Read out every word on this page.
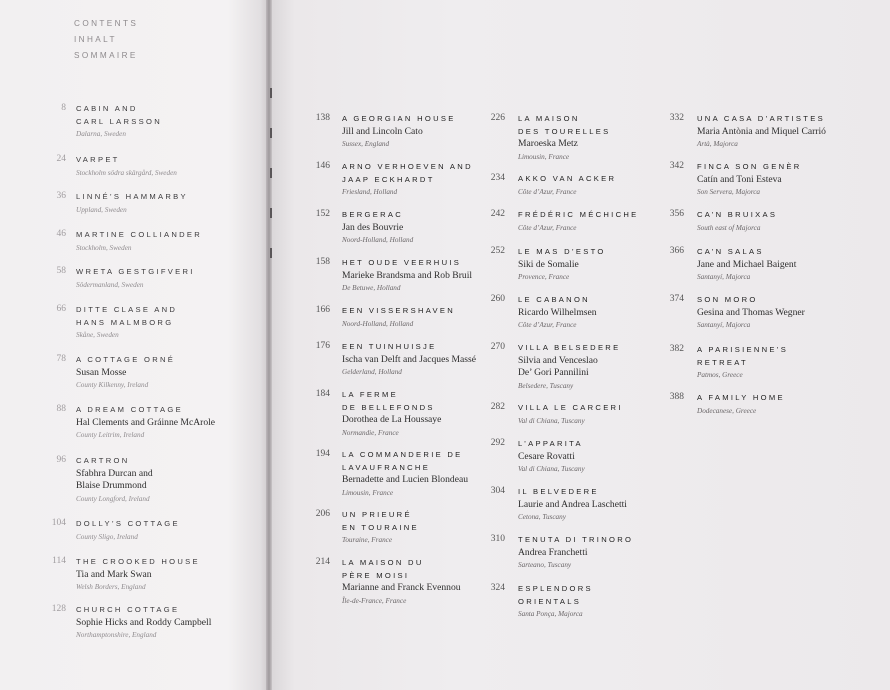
CONTENTS
INHALT
SOMMAIRE
8 CABIN AND
CARL LARSSON
Dalarna, Sweden
24 VARPET
Stockholm södra skärgård, Sweden
36 LINNÉ’S HAMMARBY
Uppland, Sweden
46 MARTINE COLLIANDER
Stockholm, Sweden
58 WRETA GESTGIFVERI
Södermanland, Sweden
66 DITTE CLASE AND
HANS MALMBORG
Skåne, Sweden
78 A COTTAGE ORNÉ
Susan Mosse
County Kilkenny, Ireland
88 A DREAM COTTAGE
Hal Clements and Gráinne McArole
County Leitrim, Ireland
96 CARTRON
Sfabhra Durcan and
Blaise Drummond
County Longford, Ireland
104 DOLLY’S COTTAGE
County Sligo, Ireland
114 THE CROOKED HOUSE
Tia and Mark Swan
Welsh Borders, England
128 CHURCH COTTAGE
Sophie Hicks and Roddy Campbell
Northamptonshire, England
138 A GEORGIAN HOUSE
Jill and Lincoln Cato
Sussex, England
146 ARNO VERHOEVEN AND
JAAP ECKHARDT
Friesland, Holland
152 BERGERAC
Jan des Bouvrie
Noord-Holland, Holland
158 HET OUDE VEERHUIS
Marieke Brandsma and Rob Bruil
De Betuwe, Holland
166 EEN VISSERSHAVEN
Noord-Holland, Holland
176 EEN TUINHUISJE
Ischa van Delft and Jacques Massé
Gelderland, Holland
184 LA FERME
DE BELLEFONDS
Dorothea de La Houssaye
Normandie, France
194 LA COMMANDERIE DE
LAVAUFRANCHE
Bernadette and Lucien Blondeau
Limousin, France
206 UN PRIEURÉ
EN TOURAINE
Touraine, France
214 LA MAISON DU
PÈRE MOISI
Marianne and Franck Evennou
Île-de-France, France
226 LA MAISON
DES TOURELLES
Maroeska Metz
Limousin, France
234 AKKO VAN ACKER
Côte d’Azur, France
242 FRÉDÉRIC MÉCHICHE
Côte d’Azur, France
252 LE MAS D’ESTO
Siki de Somalie
Provence, France
260 LE CABANON
Ricardo Wilhelmsen
Côte d’Azur, France
270 VILLA BELSEDERE
Silvia and Venceslao
De’ Gori Pannilini
Belsedere, Tuscany
282 VILLA LE CARCERI
Val di Chiana, Tuscany
292 L’APPARITA
Cesare Rovatti
Val di Chiana, Tuscany
304 IL BELVEDERE
Laurie and Andrea Laschetti
Cetona, Tuscany
310 TENUTA DI TRINORO
Andrea Franchetti
Sarteano, Tuscany
324 ESPLENDORS
ORIENTALS
Santa Ponça, Majorca
332 UNA CASA D’ARTISTES
Maria Antònia and Miquel Carrió
Artà, Majorca
342 FINCA SON GENÈR
Catín and Toni Esteva
Son Servera, Majorca
356 CA’N BRUIXAS
South east of Majorca
366 CA’N SALAS
Jane and Michael Baigent
Santanyí, Majorca
374 SON MORO
Gesina and Thomas Wegner
Santanyí, Majorca
382 A PARISIENNE’S
RETREAT
Patmos, Greece
388 A FAMILY HOME
Dodecanese, Greece
